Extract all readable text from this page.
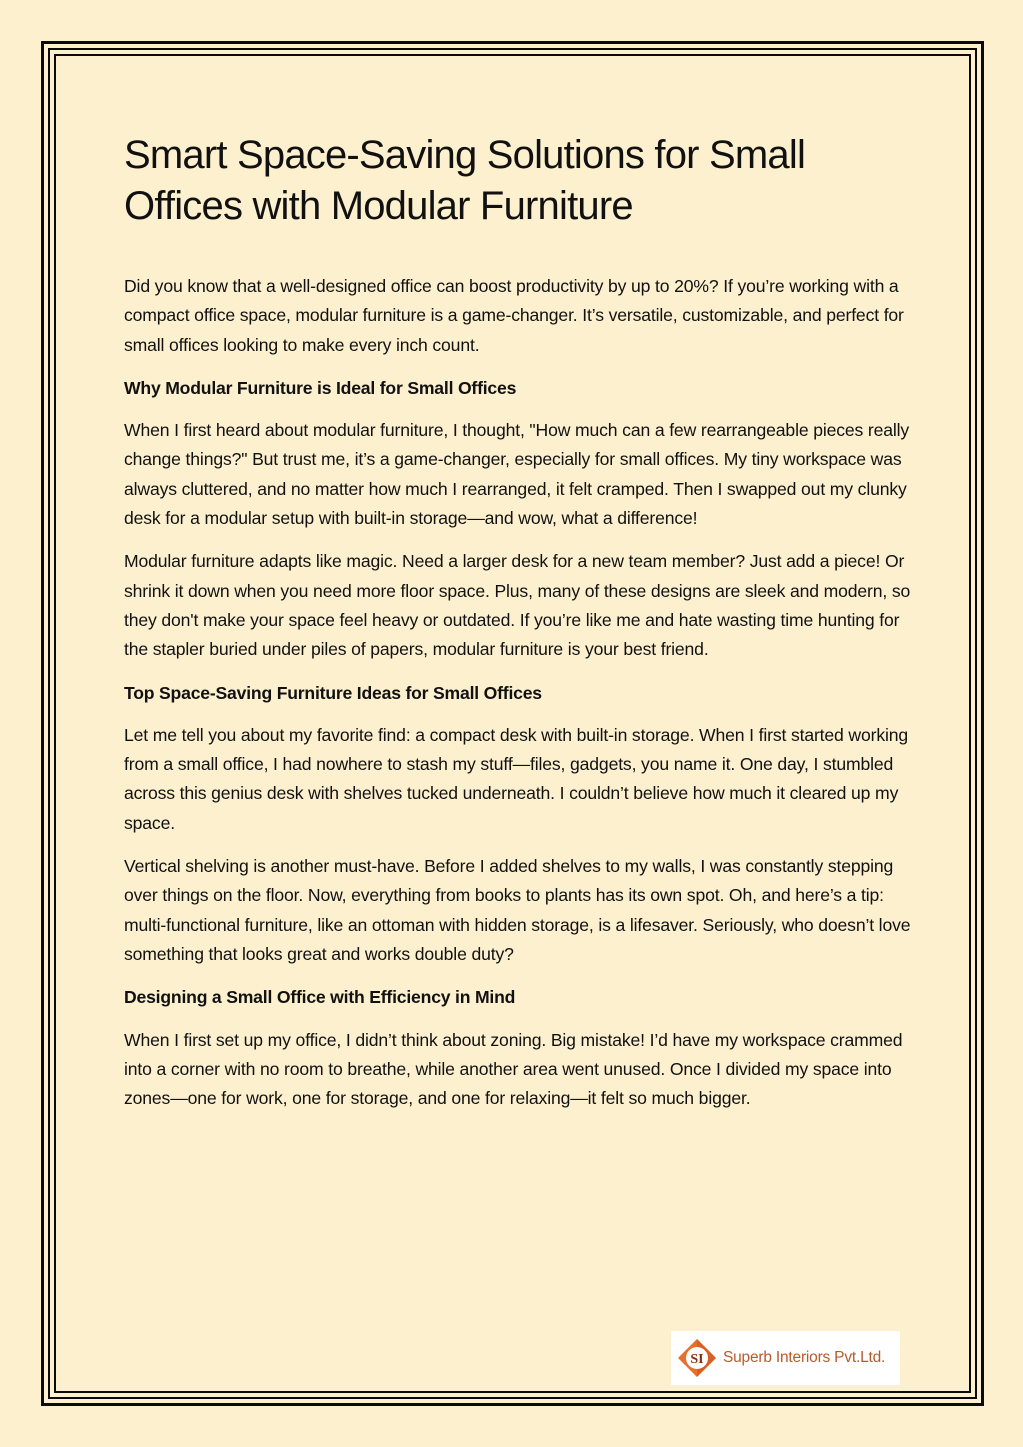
Smart Space-Saving Solutions for Small Offices with Modular Furniture

Did you know that a well-designed office can boost productivity by up to 20%? If you’re working with a compact office space, modular furniture is a game-changer. It’s versatile, customizable, and perfect for small offices looking to make every inch count.

Why Modular Furniture is Ideal for Small Offices

When I first heard about modular furniture, I thought, "How much can a few rearrangeable pieces really change things?" But trust me, it’s a game-changer, especially for small offices. My tiny workspace was always cluttered, and no matter how much I rearranged, it felt cramped. Then I swapped out my clunky desk for a modular setup with built-in storage—and wow, what a difference!

Modular furniture adapts like magic. Need a larger desk for a new team member? Just add a piece! Or shrink it down when you need more floor space. Plus, many of these designs are sleek and modern, so they don't make your space feel heavy or outdated. If you’re like me and hate wasting time hunting for the stapler buried under piles of papers, modular furniture is your best friend.

Top Space-Saving Furniture Ideas for Small Offices

Let me tell you about my favorite find: a compact desk with built-in storage. When I first started working from a small office, I had nowhere to stash my stuff—files, gadgets, you name it. One day, I stumbled across this genius desk with shelves tucked underneath. I couldn’t believe how much it cleared up my space.

Vertical shelving is another must-have. Before I added shelves to my walls, I was constantly stepping over things on the floor. Now, everything from books to plants has its own spot. Oh, and here’s a tip: multi-functional furniture, like an ottoman with hidden storage, is a lifesaver. Seriously, who doesn’t love something that looks great and works double duty?

Designing a Small Office with Efficiency in Mind

When I first set up my office, I didn’t think about zoning. Big mistake! I’d have my workspace crammed into a corner with no room to breathe, while another area went unused. Once I divided my space into zones—one for work, one for storage, and one for relaxing—it felt so much bigger.

SI Superb Interiors Pvt.Ltd.
